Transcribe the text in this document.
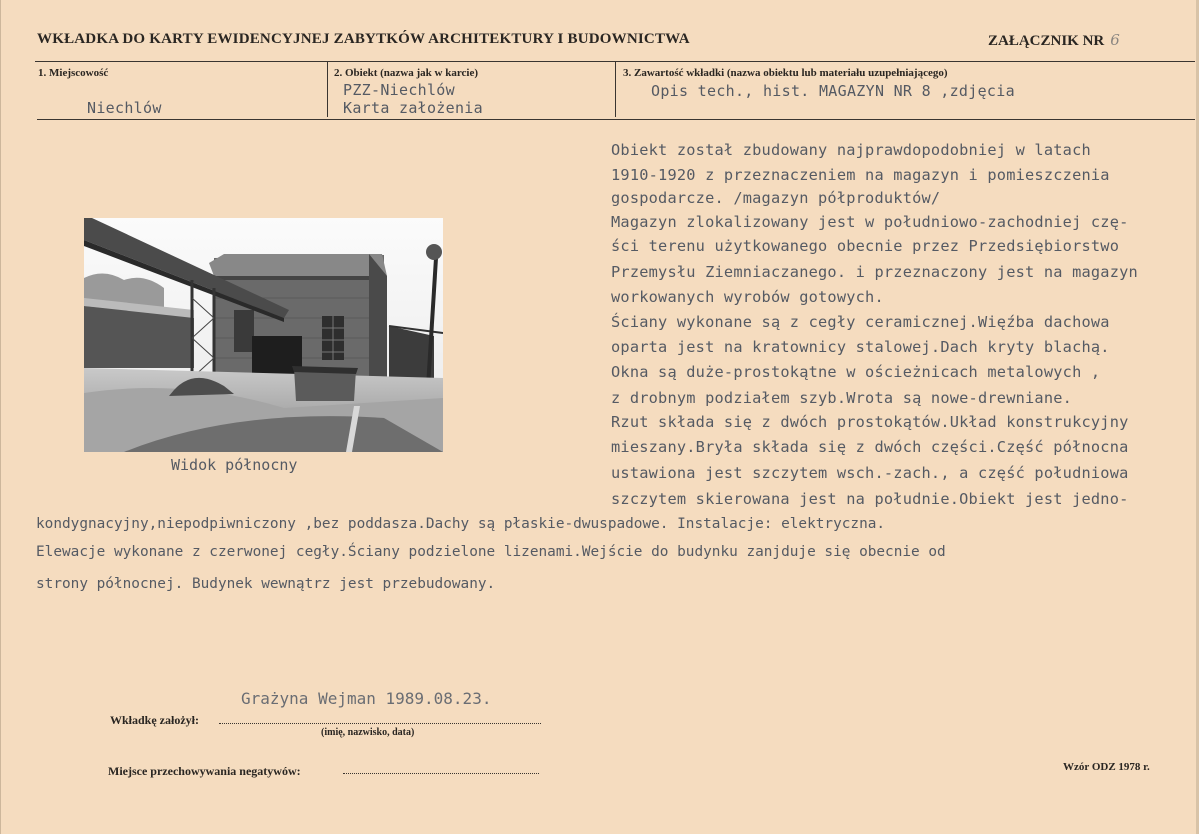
WKŁADKA DO KARTY EWIDENCYJNEJ ZABYTKÓW ARCHITEKTURY I BUDOWNICTWA	ZAŁĄCZNIK NR 6
1. Miejscowość
Niechlów
2. Obiekt (nazwa jak w karcie)
PZZ-Niechlów
Karta założenia
3. Zawartość wkładki (nazwa obiektu lub materiału uzupełniającego)
Opis tech., hist. MAGAZYN NR 8 ,zdjęcia
Widok północny
Obiekt został zbudowany najprawdopodobniej w latach
1910-1920 z przeznaczeniem na magazyn i pomieszczenia
gospodarcze. /magazyn półproduktów/
Magazyn zlokalizowany jest w południowo-zachodniej czę-
ści terenu użytkowanego obecnie przez Przedsiębiorstwo
Przemysłu Ziemniaczanego. i przeznaczony jest na magazyn
workowanych wyrobów gotowych.
Ściany wykonane są z cegły ceramicznej.Więźba dachowa
oparta jest na kratownicy stalowej.Dach kryty blachą.
Okna są duże-prostokątne w ościeżnicach metalowych ,
z drobnym podziałem szyb.Wrota są nowe-drewniane.
Rzut składa się z dwóch prostokątów.Układ konstrukcyjny
mieszany.Bryła składa się z dwóch części.Część północna
ustawiona jest szczytem wsch.-zach., a część południowa
szczytem skierowana jest na południe.Obiekt jest jedno-
kondygnacyjny,niepodpiwniczony ,bez poddasza.Dachy są płaskie-dwuspadowe. Instalacje: elektryczna.
Elewacje wykonane z czerwonej cegły.Ściany podzielone lizenami.Wejście do budynku zanjduje się obecnie od
strony północnej. Budynek wewnątrz jest przebudowany.
Grażyna Wejman 1989.08.23.
Wkładkę założył:
(imię, nazwisko, data)
Miejsce przechowywania negatywów:	Wzór ODZ 1978 r.
